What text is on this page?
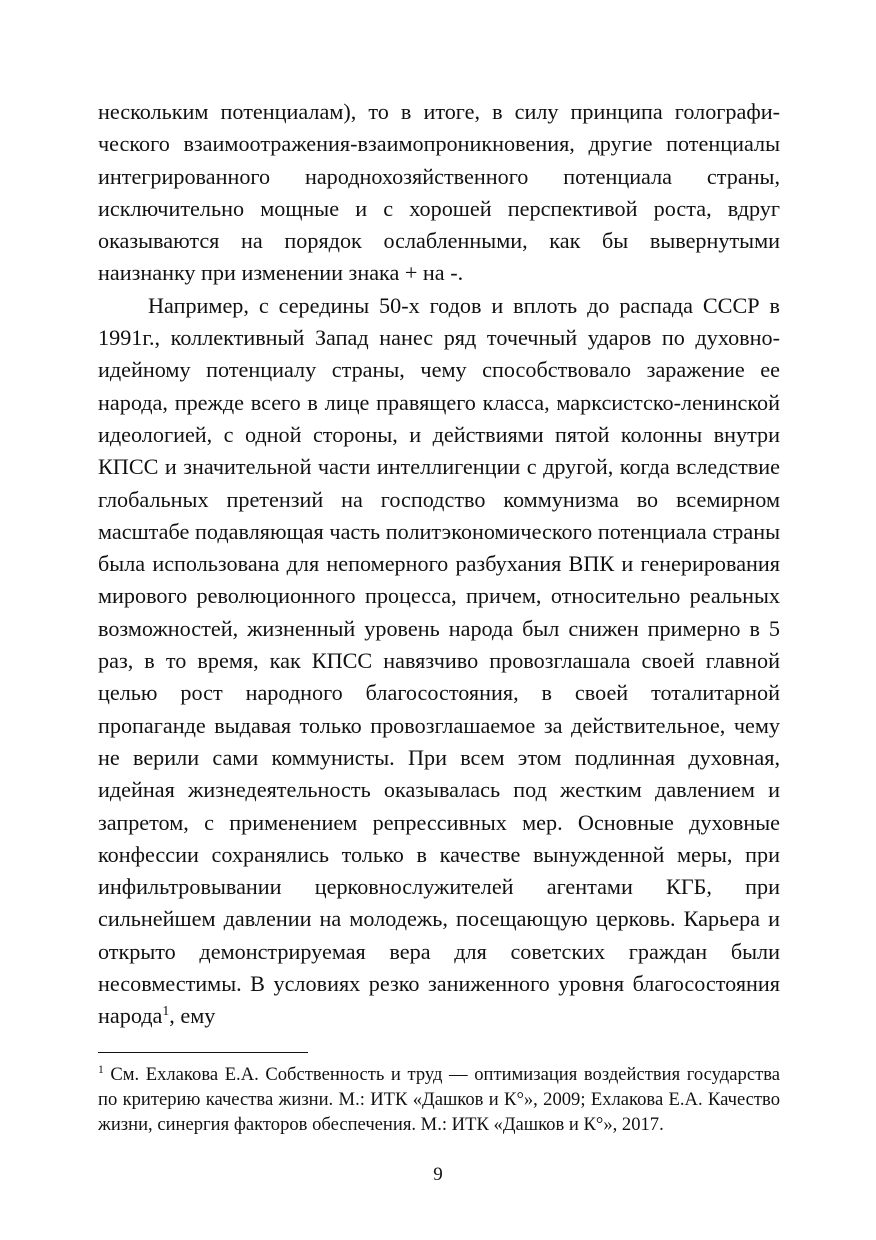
нескольким потенциалам), то в итоге, в силу принципа голографического взаимоотражения-взаимопроникновения, другие потенциалы интегрированного народнохозяйственного потенциала страны, исключительно мощные и с хорошей перспективой роста, вдруг оказываются на порядок ослабленными, как бы вывернутыми наизнанку при изменении знака + на -.

Например, с середины 50-х годов и вплоть до распада СССР в 1991г., коллективный Запад нанес ряд точечный ударов по духовно-идейному потенциалу страны, чему способствовало заражение ее народа, прежде всего в лице правящего класса, марксистско-ленинской идеологией, с одной стороны, и действиями пятой колонны внутри КПСС и значительной части интеллигенции с другой, когда вследствие глобальных претензий на господство коммунизма во всемирном масштабе подавляющая часть политэкономического потенциала страны была использована для непомерного разбухания ВПК и генерирования мирового революционного процесса, причем, относительно реальных возможностей, жизненный уровень народа был снижен примерно в 5 раз, в то время, как КПСС навязчиво провозглашала своей главной целью рост народного благосостояния, в своей тоталитарной пропаганде выдавая только провозглашаемое за действительное, чему не верили сами коммунисты. При всем этом подлинная духовная, идейная жизнедеятельность оказывалась под жестким давлением и запретом, с применением репрессивных мер. Основные духовные конфессии сохранялись только в качестве вынужденной меры, при инфильтровывании церковнослужителей агентами КГБ, при сильнейшем давлении на молодежь, посещающую церковь. Карьера и открыто демонстрируемая вера для советских граждан были несовместимы. В условиях резко заниженного уровня благосостояния народа$^1$, ему

$^1$ См. Ехлакова Е.А. Собственность и труд — оптимизация воздействия государства по критерию качества жизни. М.: ИТК «Дашков и К°», 2009; Ехлакова Е.А. Качество жизни, синергия факторов обеспечения. М.: ИТК «Дашков и К°», 2017.

9
